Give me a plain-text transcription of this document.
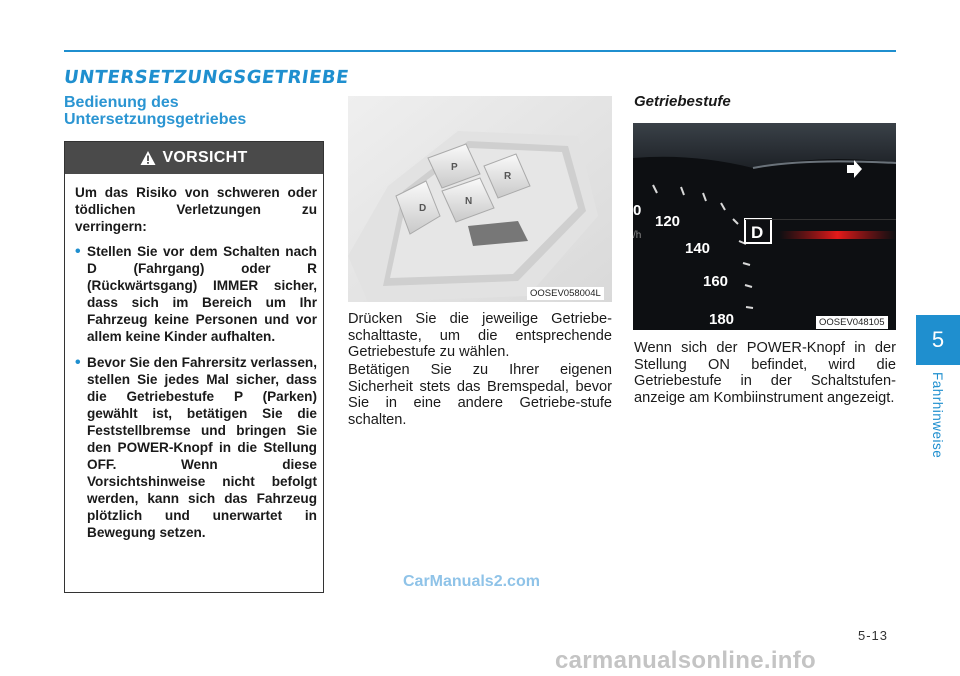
UNTERSETZUNGSGETRIEBE
Bedienung des Untersetzungsgetriebes
VORSICHT

Um das Risiko von schweren oder tödlichen Verletzungen zu verringern:

• Stellen Sie vor dem Schalten nach D (Fahrgang) oder R (Rückwärtsgang) IMMER sicher, dass sich im Bereich um Ihr Fahrzeug keine Personen und vor allem keine Kinder aufhalten.
• Bevor Sie den Fahrersitz verlassen, stellen Sie jedes Mal sicher, dass die Getriebestufe P (Parken) gewählt ist, betätigen Sie die Feststellbremse und bringen Sie den POWER-Knopf in die Stellung OFF. Wenn diese Vorsichtshinweise nicht befolgt werden, kann sich das Fahrzeug plötzlich und unerwartet in Bewegung setzen.
D
P
N
R
OOSEV058004L

Drücken Sie die jeweilige Getriebe-schalttaste, um die entsprechende Getriebestufe zu wählen.

Betätigen Sie zu Ihrer eigenen Sicherheit stets das Bremspedal, bevor Sie in eine andere Getriebe-stufe schalten.

Getriebestufe
0
120
140
160
180
/h	D
OOSEV048105

Wenn sich der POWER-Knopf in der Stellung ON befindet, wird die Getriebestufe in der Schaltstufen-anzeige am Kombiinstrument angezeigt.

5
Fahrhinweise
5-13
CarManuals2.com
carmanualsonline.info
